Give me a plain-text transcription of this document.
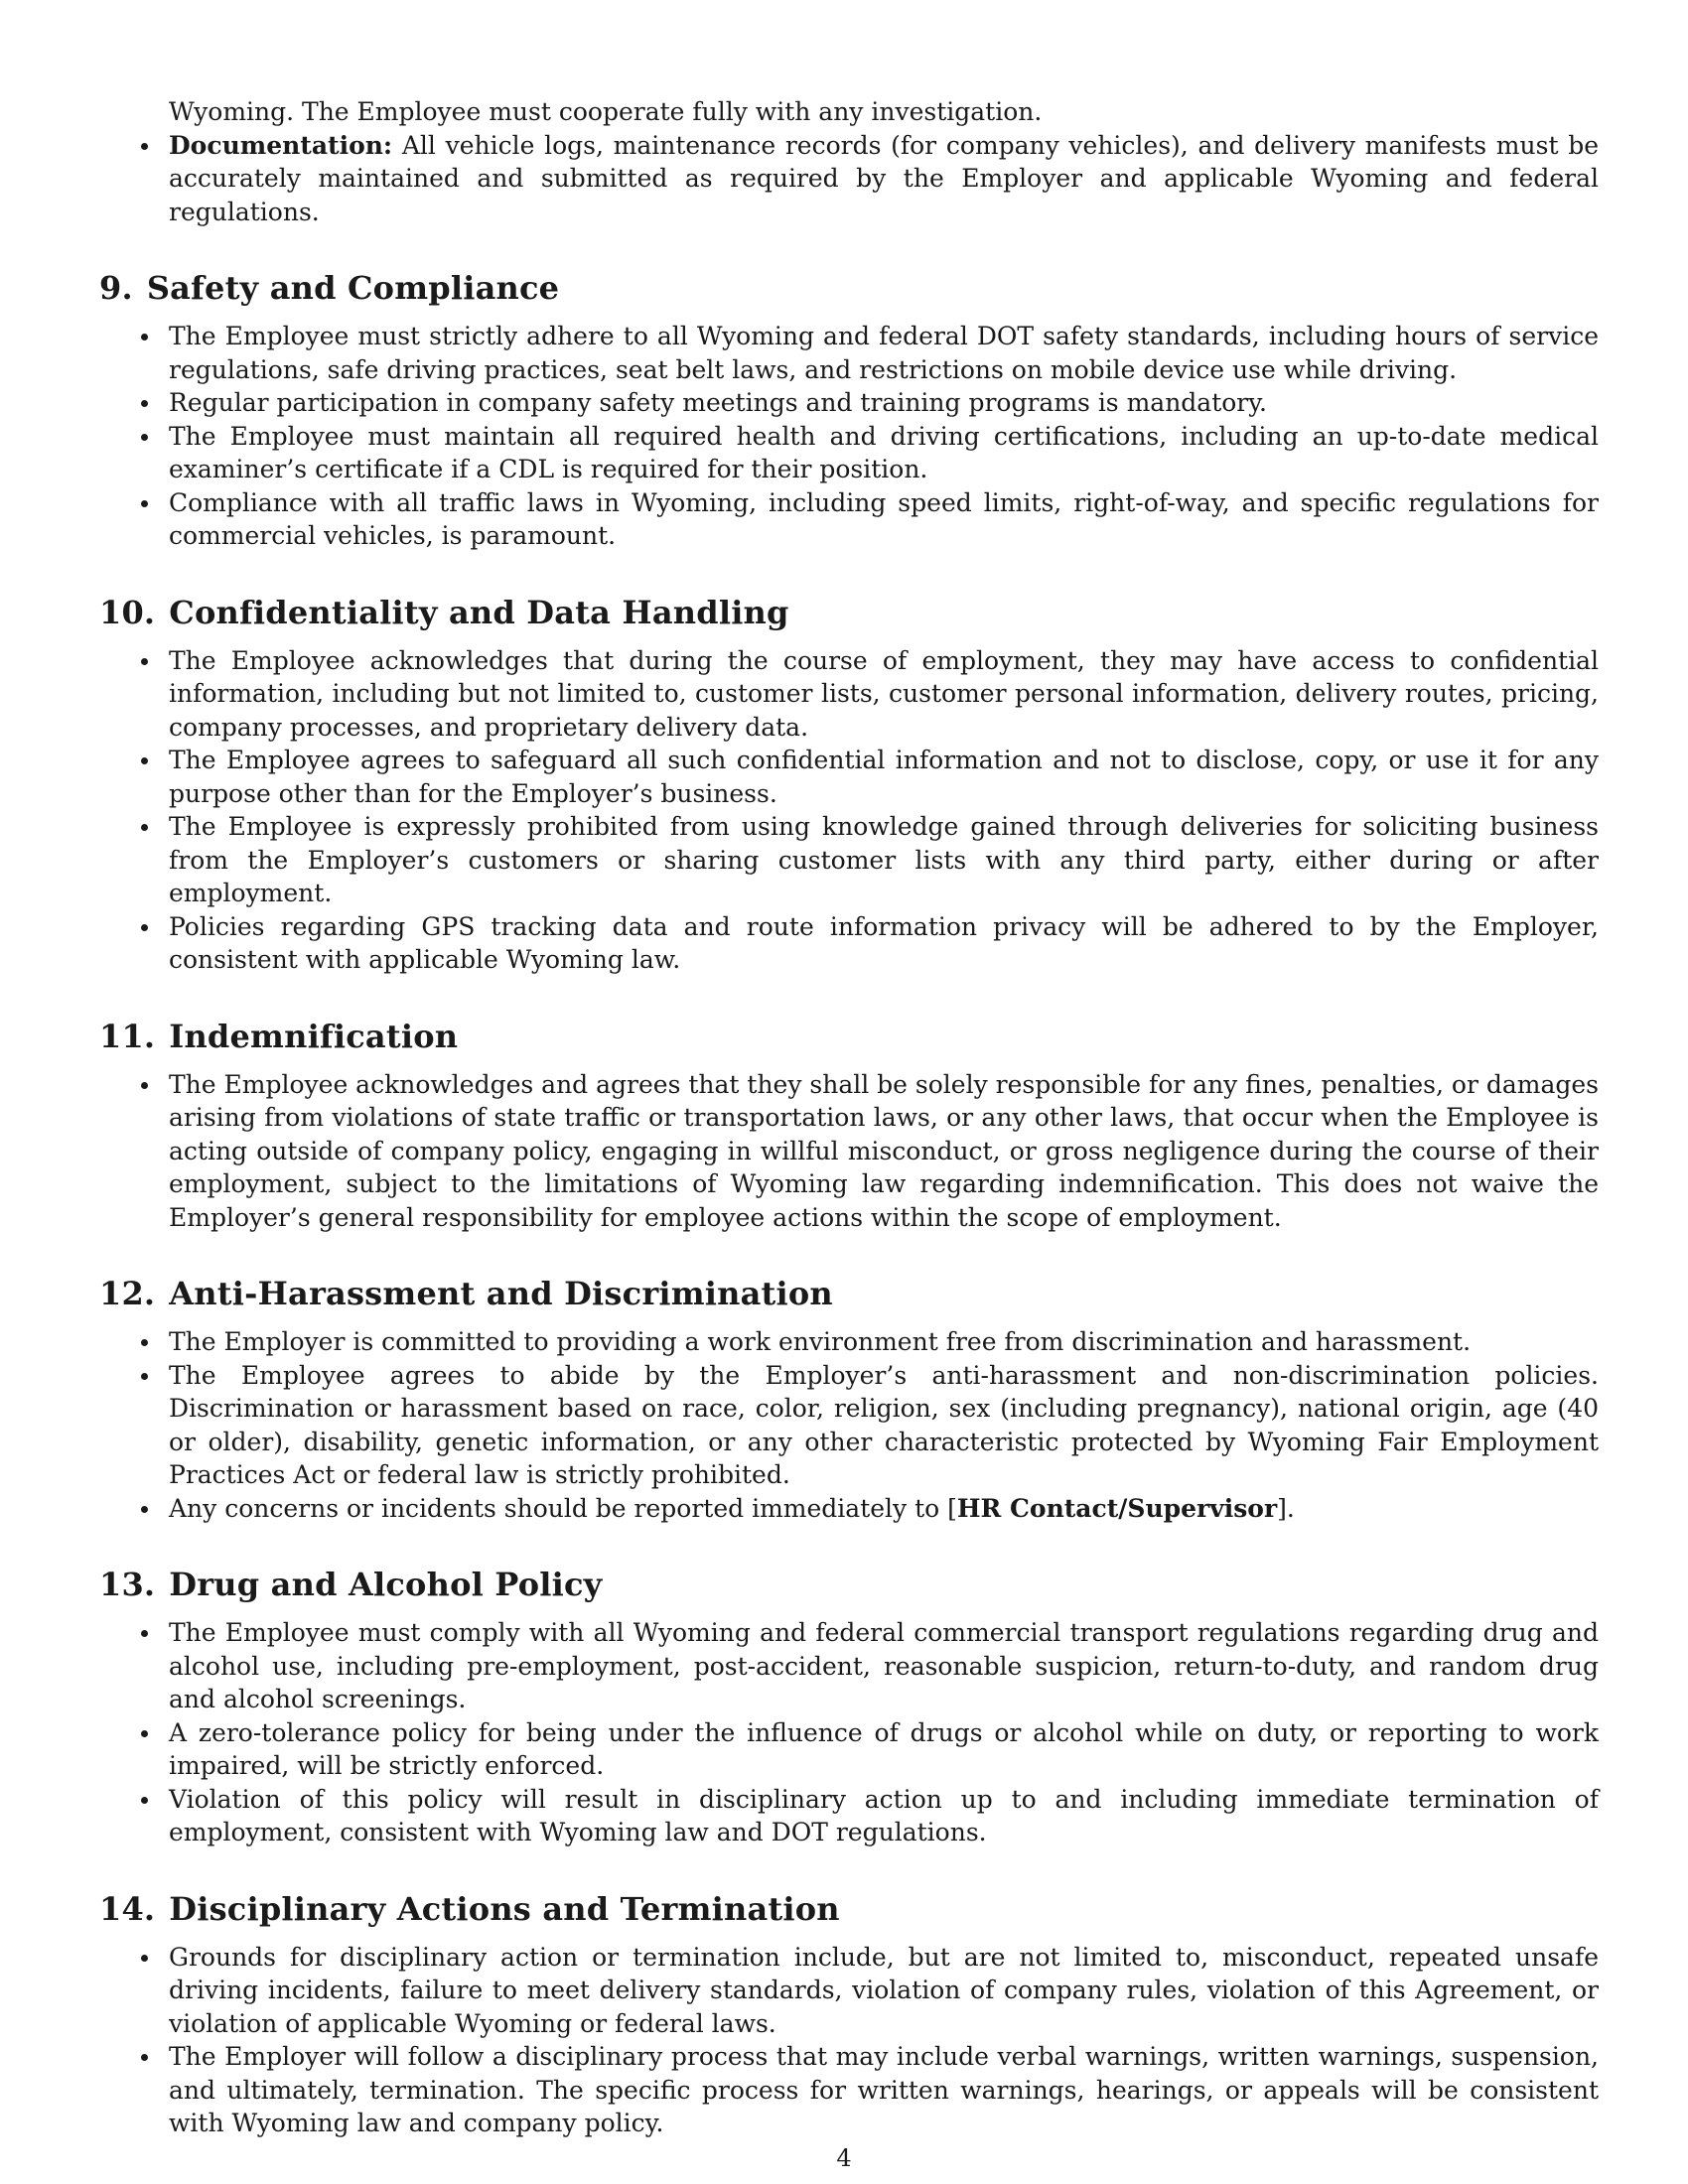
Wyoming. The Employee must cooperate fully with any investigation.

Documentation: All vehicle logs, maintenance records (for company vehicles), and delivery manifests must be accurately maintained and submitted as required by the Employer and applicable Wyoming and federal regulations.
9. Safety and Compliance
The Employee must strictly adhere to all Wyoming and federal DOT safety standards, including hours of service regulations, safe driving practices, seat belt laws, and restrictions on mobile device use while driving.
Regular participation in company safety meetings and training programs is mandatory.
The Employee must maintain all required health and driving certifications, including an up-to-date medical examiner’s certificate if a CDL is required for their position.
Compliance with all traffic laws in Wyoming, including speed limits, right-of-way, and specific regulations for commercial vehicles, is paramount.
10. Confidentiality and Data Handling
The Employee acknowledges that during the course of employment, they may have access to confidential information, including but not limited to, customer lists, customer personal information, delivery routes, pricing, company processes, and proprietary delivery data.
The Employee agrees to safeguard all such confidential information and not to disclose, copy, or use it for any purpose other than for the Employer’s business.
The Employee is expressly prohibited from using knowledge gained through deliveries for soliciting business from the Employer’s customers or sharing customer lists with any third party, either during or after employment.
Policies regarding GPS tracking data and route information privacy will be adhered to by the Employer, consistent with applicable Wyoming law.
11. Indemnification
The Employee acknowledges and agrees that they shall be solely responsible for any fines, penalties, or damages arising from violations of state traffic or transportation laws, or any other laws, that occur when the Employee is acting outside of company policy, engaging in willful misconduct, or gross negligence during the course of their employment, subject to the limitations of Wyoming law regarding indemnification. This does not waive the Employer’s general responsibility for employee actions within the scope of employment.
12. Anti-Harassment and Discrimination
The Employer is committed to providing a work environment free from discrimination and harassment.
The Employee agrees to abide by the Employer’s anti-harassment and non-discrimination policies. Discrimination or harassment based on race, color, religion, sex (including pregnancy), national origin, age (40 or older), disability, genetic information, or any other characteristic protected by Wyoming Fair Employment Practices Act or federal law is strictly prohibited.
Any concerns or incidents should be reported immediately to [HR Contact/Supervisor].
13. Drug and Alcohol Policy
The Employee must comply with all Wyoming and federal commercial transport regulations regarding drug and alcohol use, including pre-employment, post-accident, reasonable suspicion, return-to-duty, and random drug and alcohol screenings.
A zero-tolerance policy for being under the influence of drugs or alcohol while on duty, or reporting to work impaired, will be strictly enforced.
Violation of this policy will result in disciplinary action up to and including immediate termination of employment, consistent with Wyoming law and DOT regulations.
14. Disciplinary Actions and Termination
Grounds for disciplinary action or termination include, but are not limited to, misconduct, repeated unsafe driving incidents, failure to meet delivery standards, violation of company rules, violation of this Agreement, or violation of applicable Wyoming or federal laws.
The Employer will follow a disciplinary process that may include verbal warnings, written warnings, suspension, and ultimately, termination. The specific process for written warnings, hearings, or appeals will be consistent with Wyoming law and company policy.
4
